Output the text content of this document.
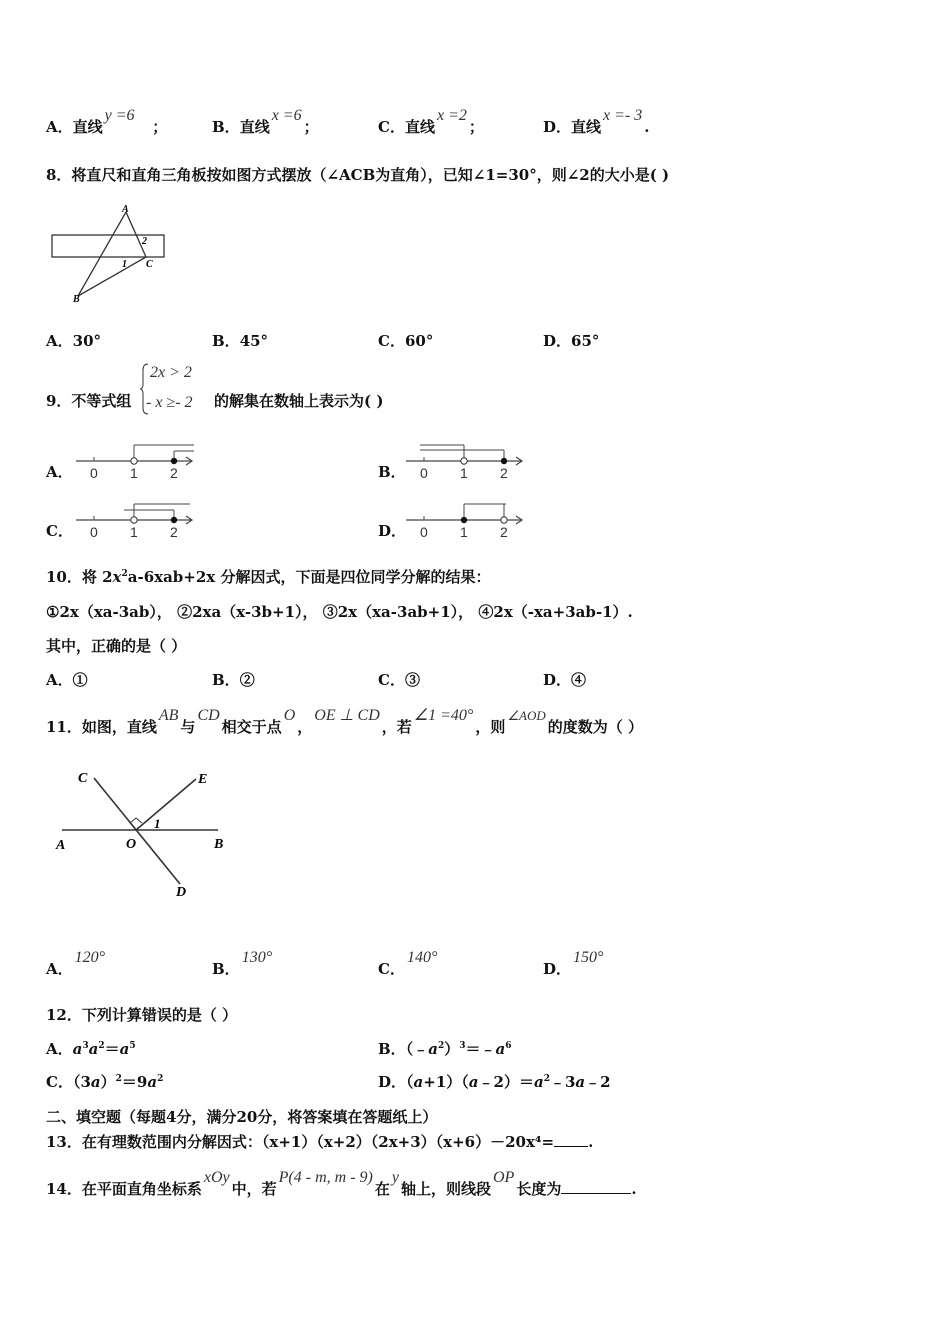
A．直线y =6   ；	B．直线x =6；	C．直线x =2；	D．直线x =- 3.
8．将直尺和直角三角板按如图方式摆放（∠ACB为直角），已知∠1=30°，则∠2的大小是( )
A
B
C
1
2
A．30°	B．45°	C．60°	D．65°
9．不等式组
2x > 2
- x ≥- 2 的解集在数轴上表示为( )
A． 0 1 2	B． 0 1 2
C． 0 1 2	D． 0 1 2
10．将 $2x^2a-6xab+2x$ 分解因式，下面是四位同学分解的结果：
①2x（xa-3ab）， ②2xa（x-3b+1）， ③2x（xa-3ab+1）， ④2x（-xa+3ab-1）.
其中，正确的是（ ）
A．①	B．②	C．③	D．④
11．如图，直线AB与CD相交于点O，OE ⊥ CD，若∠1 =40°，则∠AOD的度数为（ ）
C	E
A	O	B
D
1
A．120°
B．130°
C．140°
D．150°
12．下列计算错误的是（ ）
A．$a^3a^2=a^5$	B．$(﹣a^2)^3=﹣a^6$
C．$(3a)^2=9a^2$	D．$(a+1)(a﹣2)=a^2﹣3a﹣2$
二、填空题（每题4分，满分20分，将答案填在答题纸上）
13．在有理数范围内分解因式：（x+1）（x+2）（2x+3）（x+6）－20x⁴= .
14．在平面直角坐标系xOy中，若P(4 - m, m - 9)在y轴上，则线段OP长度为	.
